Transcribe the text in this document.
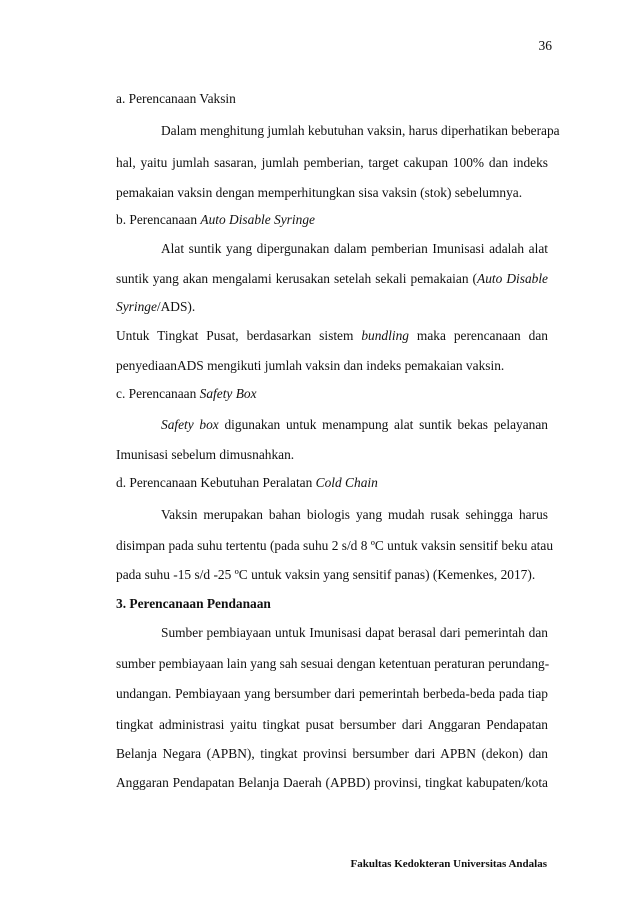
36
a. Perencanaan Vaksin
Dalam menghitung jumlah kebutuhan vaksin, harus diperhatikan beberapa
hal, yaitu jumlah sasaran, jumlah pemberian, target cakupan 100% dan indeks
pemakaian vaksin dengan memperhitungkan sisa vaksin (stok) sebelumnya.
b. Perencanaan Auto Disable Syringe
Alat suntik yang dipergunakan dalam pemberian Imunisasi adalah alat
suntik yang akan mengalami kerusakan setelah sekali pemakaian (Auto Disable
Syringe/ADS).
Untuk Tingkat Pusat, berdasarkan sistem bundling maka perencanaan dan
penyediaanADS mengikuti jumlah vaksin dan indeks pemakaian vaksin.
c. Perencanaan Safety Box
Safety box digunakan untuk menampung alat suntik bekas pelayanan
Imunisasi sebelum dimusnahkan.
d. Perencanaan Kebutuhan Peralatan Cold Chain
Vaksin merupakan bahan biologis yang mudah rusak sehingga harus
disimpan pada suhu tertentu (pada suhu 2 s/d 8 ºC untuk vaksin sensitif beku atau
pada suhu -15 s/d -25 ºC untuk vaksin yang sensitif panas) (Kemenkes, 2017).
3. Perencanaan Pendanaan
Sumber pembiayaan untuk Imunisasi dapat berasal dari pemerintah dan
sumber pembiayaan lain yang sah sesuai dengan ketentuan peraturan perundang-
undangan. Pembiayaan yang bersumber dari pemerintah berbeda-beda pada tiap
tingkat administrasi yaitu tingkat pusat bersumber dari Anggaran Pendapatan
Belanja Negara (APBN), tingkat provinsi bersumber dari APBN (dekon) dan
Anggaran Pendapatan Belanja Daerah (APBD) provinsi, tingkat kabupaten/kota
Fakultas Kedokteran Universitas Andalas
